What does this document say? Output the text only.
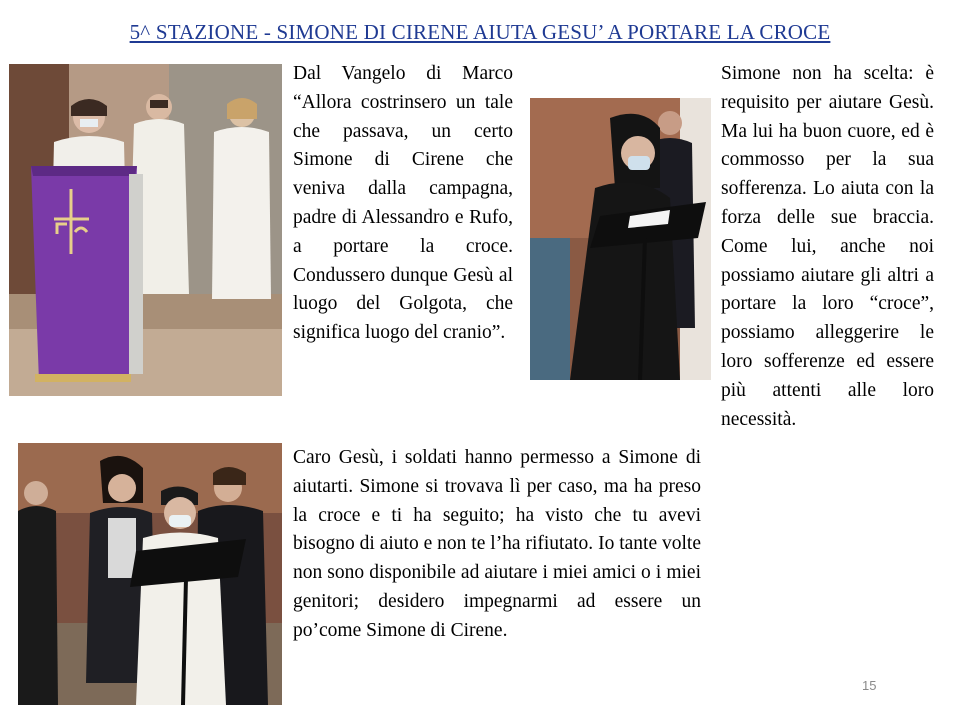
5^ STAZIONE - SIMONE DI CIRENE AIUTA GESU’ A PORTARE LA CROCE
Dal Vangelo di Marco “Allora costrinsero un tale che passava, un certo Simone di Cirene che veniva dalla campagna, padre di Alessandro e Rufo, a portare la croce. Condussero dunque Gesù al luogo del Golgota, che significa luogo del cranio”.
Simone non ha scelta: è requisito per aiutare Gesù. Ma lui ha buon cuore, ed è commosso per la sua sofferenza. Lo aiuta con la forza delle sue braccia. Come lui, anche noi possiamo aiutare gli altri a portare la loro “croce”, possiamo alleggerire le loro sofferenze ed essere più attenti alle loro necessità.
Caro Gesù, i soldati hanno permesso a Simone di aiutarti. Simone si trovava lì per caso, ma ha preso la croce e ti ha seguito; ha visto che tu avevi bisogno di aiuto e non te l’ha rifiutato. Io tante volte non sono disponibile ad aiutare i miei amici o i miei genitori; desidero impegnarmi ad essere un po’come Simone di Cirene.
15
